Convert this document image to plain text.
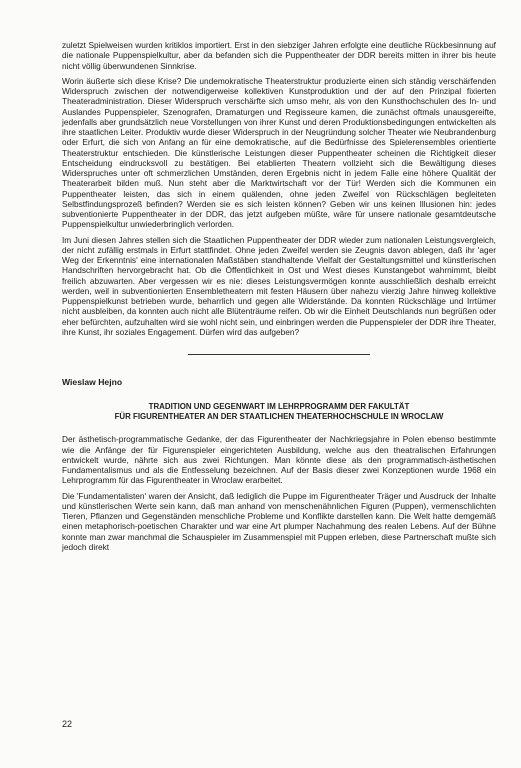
zuletzt Spielweisen wurden kritiklos importiert. Erst in den siebziger Jahren erfolgte eine deutliche Rückbesinnung auf die nationale Puppenspielkultur, aber da befanden sich die Puppentheater der DDR bereits mitten in ihrer bis heute nicht völlig überwundenen Sinnkrise.

Worin äußerte sich diese Krise? Die undemokratische Theaterstruktur produzierte einen sich ständig verschärfenden Widerspruch zwischen der notwendigerweise kollektiven Kunstproduktion und der auf den Prinzipal fixierten Theateradministration. Dieser Widerspruch verschärfte sich umso mehr, als von den Kunsthochschulen des In- und Auslandes Puppenspieler, Szenografen, Dramaturgen und Regisseure kamen, die zunächst oftmals unausgereifte, jedenfalls aber grundsätzlich neue Vorstellungen von ihrer Kunst und deren Produktionsbedingungen entwickelten als ihre staatlichen Leiter. Produktiv wurde dieser Widerspruch in der Neugründung solcher Theater wie Neubrandenburg oder Erfurt, die sich von Anfang an für eine demokratische, auf die Bedürfnisse des Spielerensembles orientierte Theaterstruktur entschieden. Die künstlerische Leistungen dieser Puppentheater scheinen die Richtigkeit dieser Entscheidung eindrucksvoll zu bestätigen. Bei etablierten Theatern vollzieht sich die Bewältigung dieses Widerspruches unter oft schmerzlichen Umständen, deren Ergebnis nicht in jedem Falle eine höhere Qualität der Theaterarbeit bilden muß. Nun steht aber die Marktwirtschaft vor der Tür! Werden sich die Kommunen ein Puppentheater leisten, das sich in einem quälenden, ohne jeden Zweifel von Rückschlägen begleiteten Selbstfindungsprozeß befinden? Werden sie es sich leisten können? Geben wir uns keinen Illusionen hin: jedes subventionierte Puppentheater in der DDR, das jetzt aufgeben müßte, wäre für unsere nationale gesamtdeutsche Puppenspielkultur unwiederbringlich verlorden.

Im Juni diesen Jahres stellen sich die Staatlichen Puppentheater der DDR wieder zum nationalen Leistungsvergleich, der nicht zufällig erstmals in Erfurt stattfindet. Ohne jeden Zweifel werden sie Zeugnis davon ablegen, daß ihr 'ager Weg der Erkenntnis' eine internationalen Maßstäben standhaltende Vielfalt der Gestaltungsmittel und künstlerischen Handschriften hervorgebracht hat. Ob die Öffentlichkeit in Ost und West dieses Kunstangebot wahrnimmt, bleibt freilich abzuwarten. Aber vergessen wir es nie: dieses Leistungsvermögen konnte ausschließlich deshalb erreicht werden, weil in subventionierten Ensembletheatern mit festen Häusern über nahezu vierzig Jahre hinweg kollektive Puppenspielkunst betrieben wurde, beharrlich und gegen alle Widerstände. Da konnten Rückschläge und Irrtümer nicht ausbleiben, da konnten auch nicht alle Blütenträume reifen. Ob wir die Einheit Deutschlands nun begrüßen oder eher befürchten, aufzuhalten wird sie wohl nicht sein, und einbringen werden die Puppenspieler der DDR ihre Theater, ihre Kunst, ihr soziales Engagement. Dürfen wird das aufgeben?

Wieslaw Hejno
TRADITION UND GEGENWART IM LEHRPROGRAMM DER FAKULTÄT
FÜR FIGURENTHEATER AN DER STAATLICHEN THEATERHOCHSCHULE IN WROCLAW

Der ästhetisch-programmatische Gedanke, der das Figurentheater der Nachkriegsjahre in Polen ebenso bestimmte wie die Anfänge der für Figurenspieler eingerichteten Ausbildung, welche aus den theatralischen Erfahrungen entwickelt wurde, nährte sich aus zwei Richtungen. Man könnte diese als den programmatisch-ästhetischen Fundamentalismus und als die Entfesselung bezeichnen. Auf der Basis dieser zwei Konzeptionen wurde 1968 ein Lehrprogramm für das Figurentheater in Wroclaw erarbeitet.

Die 'Fundamentalisten' waren der Ansicht, daß lediglich die Puppe im Figurentheater Träger und Ausdruck der Inhalte und künstlerischen Werte sein kann, daß man anhand von menschenähnlichen Figuren (Puppen), vermenschlichten Tieren, Pflanzen und Gegenständen menschliche Probleme und Konflikte darstellen kann. Die Welt hatte demgemäß einen metaphorisch-poetischen Charakter und war eine Art plumper Nachahmung des realen Lebens. Auf der Bühne konnte man zwar manchmal die Schauspieler im Zusammenspiel mit Puppen erleben, diese Partnerschaft mußte sich jedoch direkt

22
